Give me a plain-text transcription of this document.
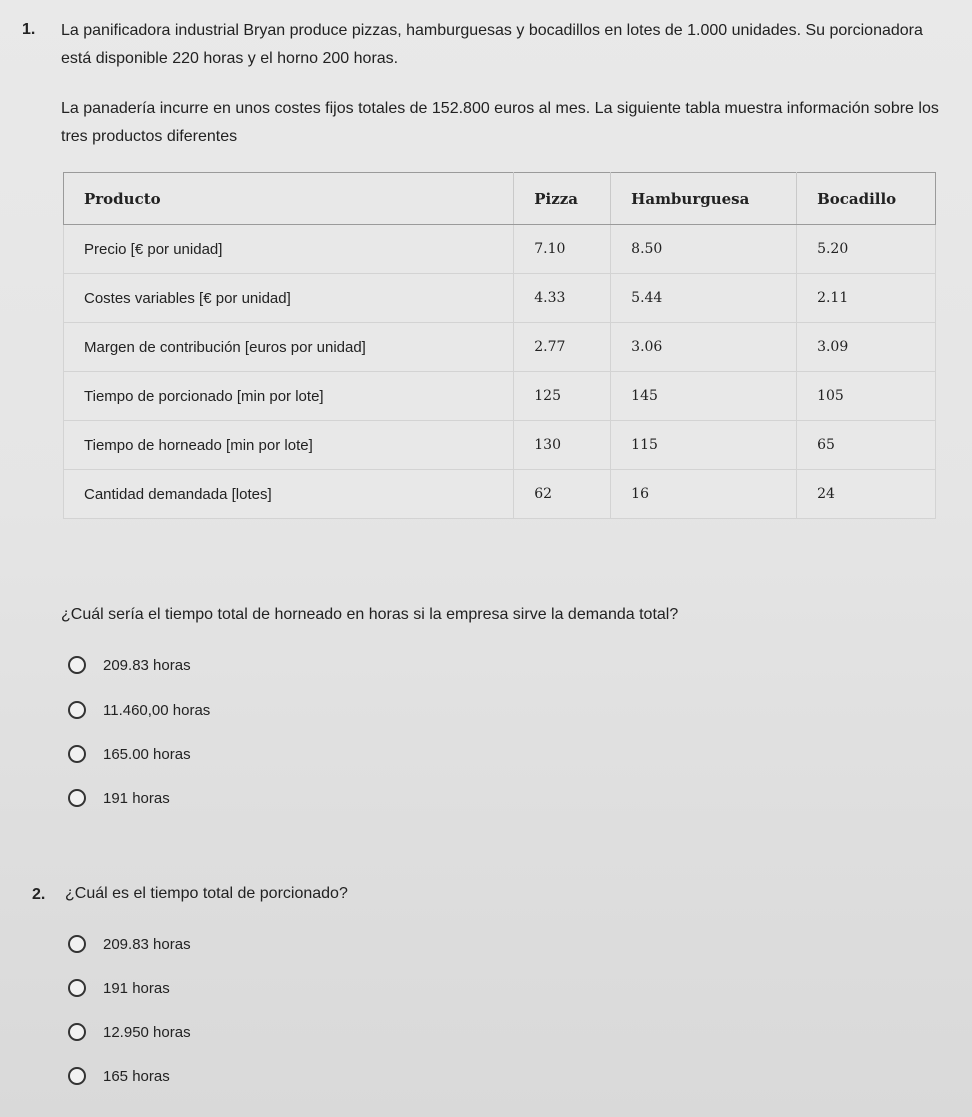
1. La panificadora industrial Bryan produce pizzas, hamburguesas y bocadillos en lotes de 1.000 unidades. Su porcionadora está disponible 220 horas y el horno 200 horas.

La panadería incurre en unos costes fijos totales de 152.800 euros al mes. La siguiente tabla muestra información sobre los tres productos diferentes

Producto	Pizza	Hamburguesa	Bocadillo
Precio [€ por unidad]	7.10	8.50	5.20
Costes variables [€ por unidad]	4.33	5.44	2.11
Margen de contribución [euros por unidad]	2.77	3.06	3.09
Tiempo de porcionado [min por lote]	125	145	105
Tiempo de horneado [min por lote]	130	115	65
Cantidad demandada [lotes]	62	16	24

¿Cuál sería el tiempo total de horneado en horas si la empresa sirve la demanda total?

209.83 horas
11.460,00 horas
165.00 horas
191 horas
2. ¿Cuál es el tiempo total de porcionado?

209.83 horas
191 horas
12.950 horas
165 horas
